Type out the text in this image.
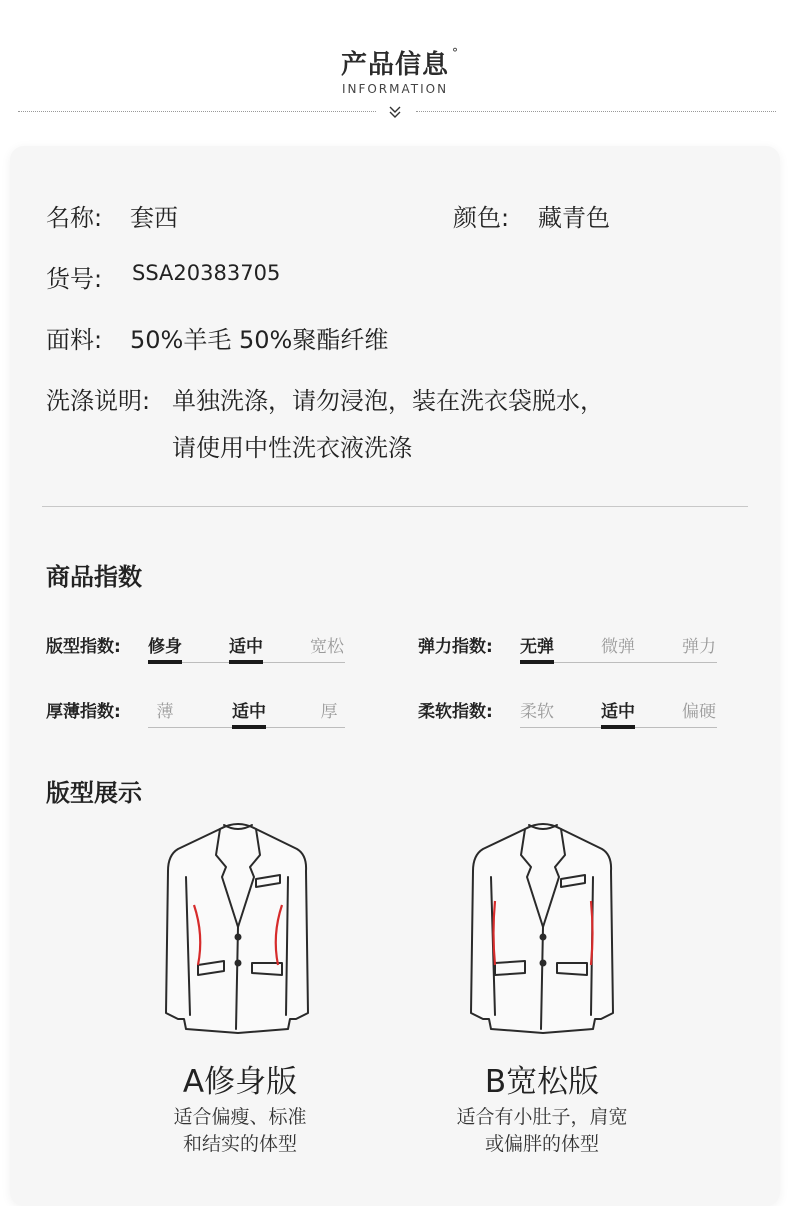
产品信息 °
INFORMATION
名称: 套西	颜色: 藏青色
货号: SSA20383705
面料: 50%羊毛 50%聚酯纤维
洗涤说明: 单独洗涤，请勿浸泡，装在洗衣袋脱水，
请使用中性洗衣液洗涤
商品指数
版型指数:	修身	适中	宽松	弹力指数:	无弹	微弹	弹力
厚薄指数:	薄	适中	厚	柔软指数:	柔软	适中	偏硬
版型展示
A修身版
适合偏瘦、标准
和结实的体型
B宽松版
适合有小肚子，肩宽
或偏胖的体型
